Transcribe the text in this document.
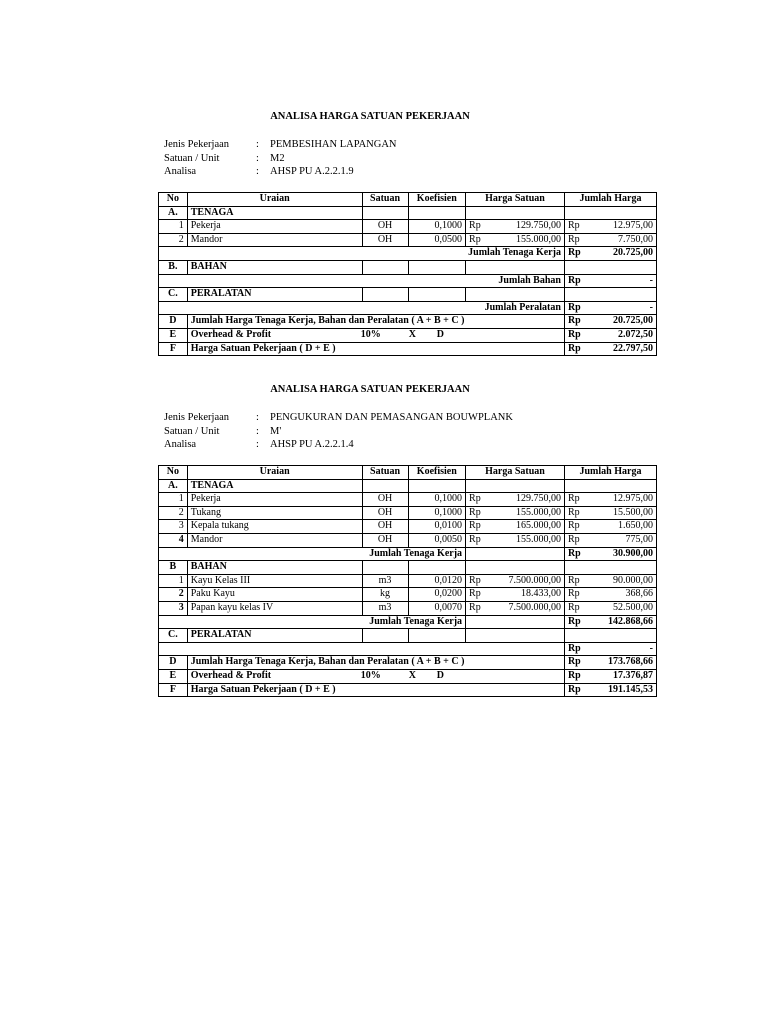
ANALISA HARGA SATUAN PEKERJAAN
Jenis Pekerjaan	:	PEMBESIHAN LAPANGAN
Satuan / Unit	:	M2
Analisa	:	AHSP PU A.2.2.1.9
No	Uraian	Satuan	Koefisien	Harga Satuan		Jumlah Harga	
A.	TENAGA						
1	Pekerja	OH	0,1000	Rp	129.750,00	Rp	12.975,00
2	Mandor	OH	0,0500	Rp	155.000,00	Rp	7.750,00
Jumlah Tenaga Kerja						Rp	20.725,00
B.	BAHAN						
Jumlah Bahan						Rp	-
C.	PERALATAN						
Jumlah Peralatan						Rp	-
D	Jumlah Harga Tenaga Kerja, Bahan dan Peralatan ( A + B + C )					Rp	20.725,00
E	Overhead & Profit 10% X D					Rp	2.072,50
F	Harga Satuan Pekerjaan ( D + E )					Rp	22.797,50
ANALISA HARGA SATUAN PEKERJAAN
Jenis Pekerjaan	:	PENGUKURAN DAN PEMASANGAN BOUWPLANK
Satuan / Unit	:	M'
Analisa	:	AHSP PU A.2.2.1.4
No	Uraian	Satuan	Koefisien	Harga Satuan		Jumlah Harga	
A.	TENAGA						
1	Pekerja	OH	0,1000	Rp	129.750,00	Rp	12.975,00
2	Tukang	OH	0,1000	Rp	155.000,00	Rp	15.500,00
3	Kepala tukang	OH	0,0100	Rp	165.000,00	Rp	1.650,00
4	Mandor	OH	0,0050	Rp	155.000,00	Rp	775,00
Jumlah Tenaga Kerja						Rp	30.900,00
B	BAHAN						
1	Kayu Kelas III	m3	0,0120	Rp	7.500.000,00	Rp	90.000,00
2	Paku Kayu	kg	0,0200	Rp	18.433,00	Rp	368,66
3	Papan kayu kelas IV	m3	0,0070	Rp	7.500.000,00	Rp	52.500,00
Jumlah Tenaga Kerja						Rp	142.868,66
C.	PERALATAN						
						Rp	-
D	Jumlah Harga Tenaga Kerja, Bahan dan Peralatan ( A + B + C )					Rp	173.768,66
E	Overhead & Profit 10% X D					Rp	17.376,87
F	Harga Satuan Pekerjaan ( D + E )					Rp	191.145,53
